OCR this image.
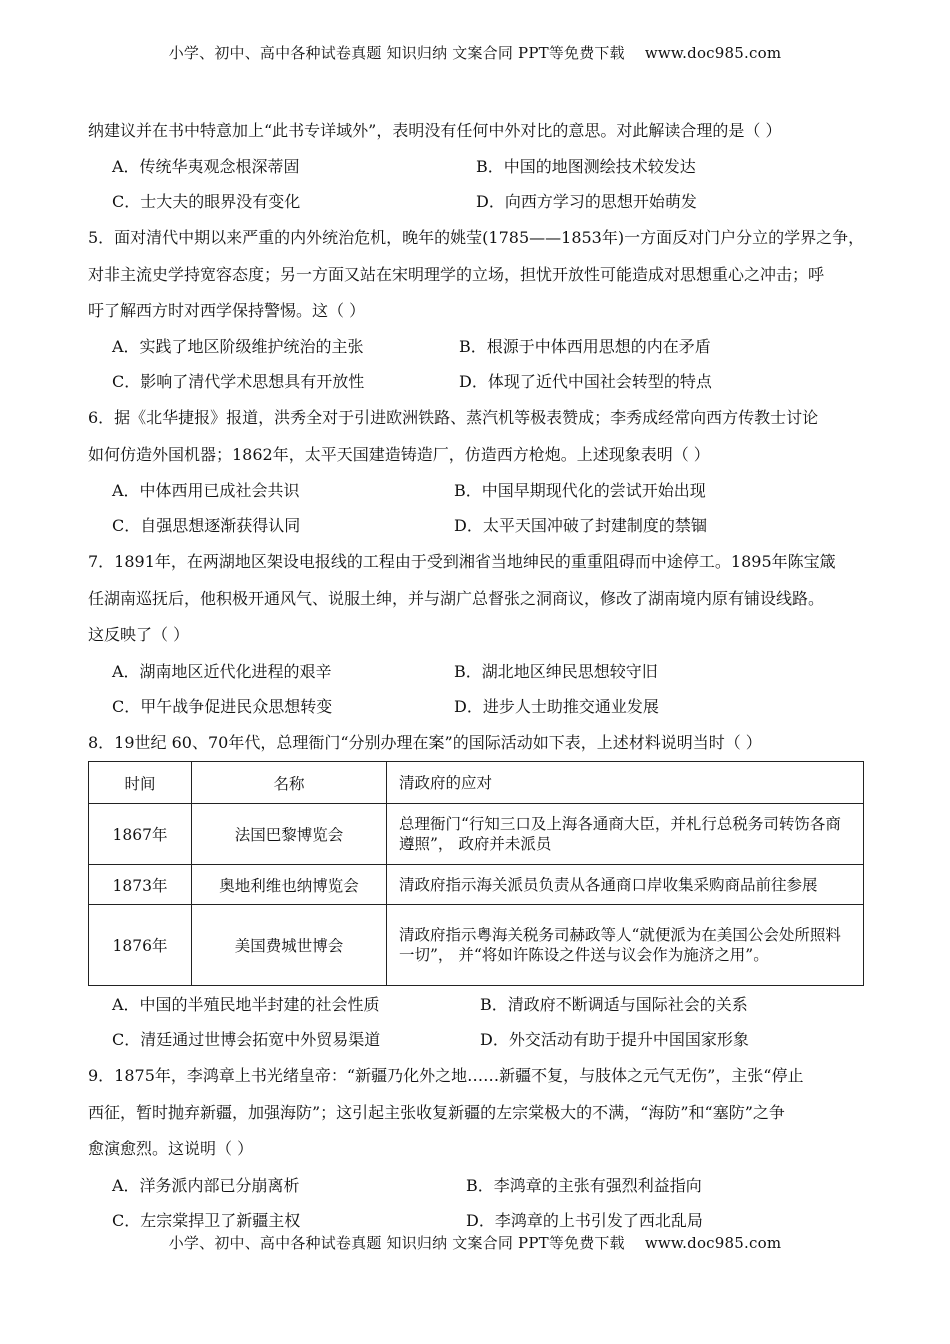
小学、初中、高中各种试卷真题 知识归纳 文案合同 PPT等免费下载 www.doc985.com
纳建议并在书中特意加上“此书专详域外”，表明没有任何中外对比的意思。对此解读合理的是（ ）
A．传统华夷观念根深蒂固	B．中国的地图测绘技术较发达
C．士大夫的眼界没有变化	D．向西方学习的思想开始萌发
5．面对清代中期以来严重的内外统治危机，晚年的姚莹(1785——1853年)一方面反对门户分立的学界之争，
对非主流史学持宽容态度；另一方面又站在宋明理学的立场，担忧开放性可能造成对思想重心之冲击；呼
吁了解西方时对西学保持警惕。这（ ）
A．实践了地区阶级维护统治的主张	B．根源于中体西用思想的内在矛盾
C．影响了清代学术思想具有开放性	D．体现了近代中国社会转型的特点
6．据《北华捷报》报道，洪秀全对于引进欧洲铁路、蒸汽机等极表赞成；李秀成经常向西方传教士讨论
如何仿造外国机器；1862年，太平天国建造铸造厂，仿造西方枪炮。上述现象表明（ ）
A．中体西用已成社会共识	B．中国早期现代化的尝试开始出现
C．自强思想逐渐获得认同	D．太平天国冲破了封建制度的禁锢
7．1891年，在两湖地区架设电报线的工程由于受到湘省当地绅民的重重阻碍而中途停工。1895年陈宝箴
任湖南巡抚后，他积极开通风气、说服土绅，并与湖广总督张之洞商议，修改了湖南境内原有铺设线路。
这反映了（ ）
A．湖南地区近代化进程的艰辛	B．湖北地区绅民思想较守旧
C．甲午战争促进民众思想转变	D．进步人士助推交通业发展
8．19世纪 60、70年代，总理衙门“分别办理在案”的国际活动如下表，上述材料说明当时（ ）
时间	名称	清政府的应对
1867年	法国巴黎博览会	总理衙门“行知三口及上海各通商大臣，并札行总税务司转饬各商遵照”， 政府并未派员
1873年	奥地利维也纳博览会	清政府指示海关派员负责从各通商口岸收集采购商品前往参展
1876年	美国费城世博会	清政府指示粤海关税务司赫政等人“就便派为在美国公会处所照料一切”， 并“将如许陈设之件送与议会作为施济之用”。
A．中国的半殖民地半封建的社会性质	B．清政府不断调适与国际社会的关系
C．清廷通过世博会拓宽中外贸易渠道	D．外交活动有助于提升中国国家形象
9．1875年，李鸿章上书光绪皇帝：“新疆乃化外之地……新疆不复，与肢体之元气无伤”，主张“停止
西征，暂时抛弃新疆，加强海防”；这引起主张收复新疆的左宗棠极大的不满，“海防”和“塞防”之争
愈演愈烈。这说明（ ）
A．洋务派内部已分崩离析	B．李鸿章的主张有强烈利益指向
C．左宗棠捍卫了新疆主权	D．李鸿章的上书引发了西北乱局
小学、初中、高中各种试卷真题 知识归纳 文案合同 PPT等免费下载 www.doc985.com
